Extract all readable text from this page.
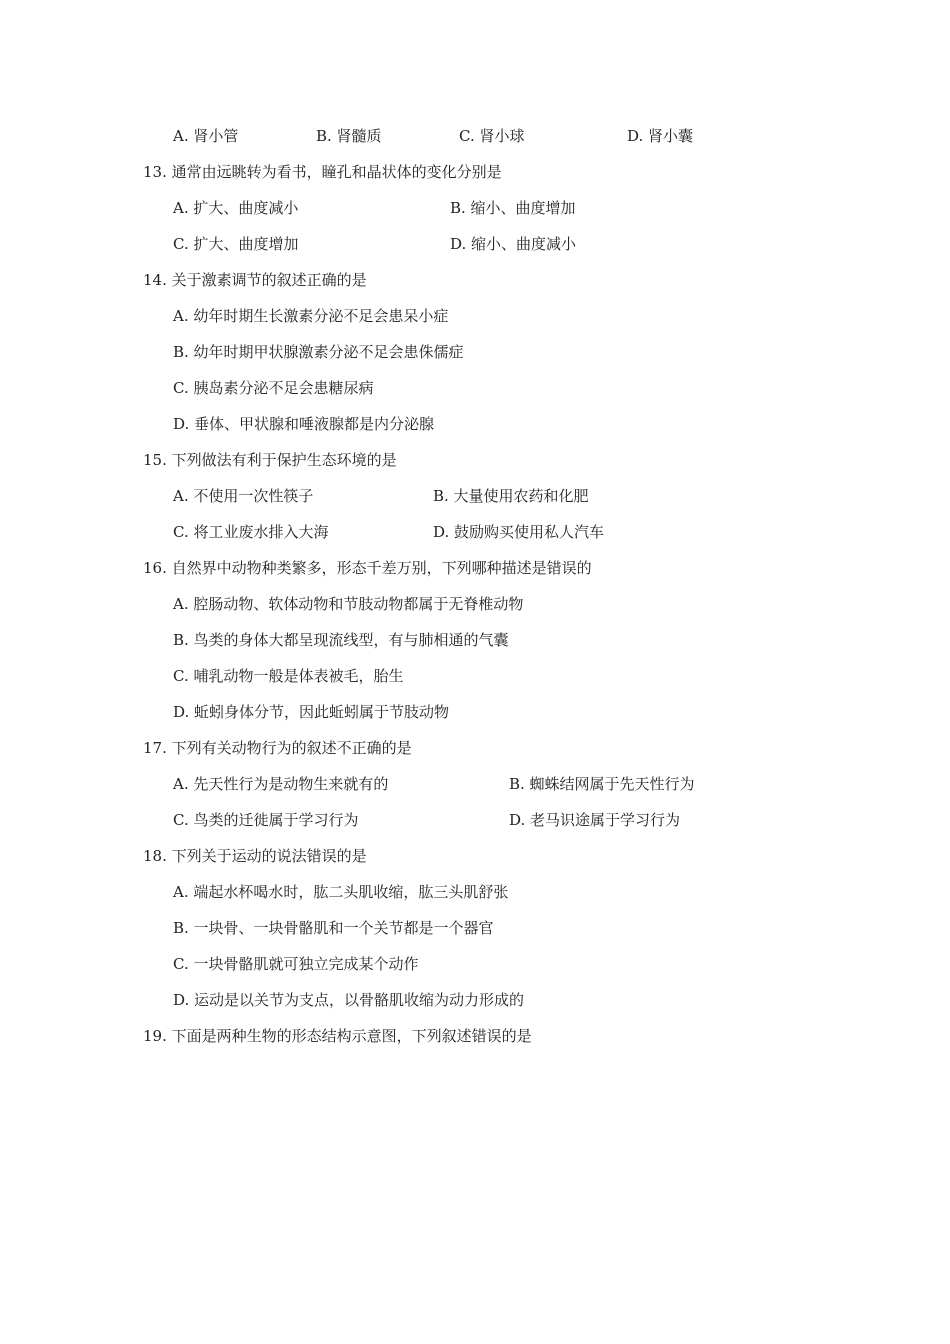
A. 肾小管	B. 肾髓质	C. 肾小球	D. 肾小囊
13. 通常由远眺转为看书，瞳孔和晶状体的变化分别是
A. 扩大、曲度减小	B. 缩小、曲度增加
C. 扩大、曲度增加	D. 缩小、曲度减小
14. 关于激素调节的叙述正确的是
A. 幼年时期生长激素分泌不足会患呆小症
B. 幼年时期甲状腺激素分泌不足会患侏儒症
C. 胰岛素分泌不足会患糖尿病
D. 垂体、甲状腺和唾液腺都是内分泌腺
15. 下列做法有利于保护生态环境的是
A. 不使用一次性筷子	B. 大量使用农药和化肥
C. 将工业废水排入大海	D. 鼓励购买使用私人汽车
16. 自然界中动物种类繁多，形态千差万别，下列哪种描述是错误的
A. 腔肠动物、软体动物和节肢动物都属于无脊椎动物
B. 鸟类的身体大都呈现流线型，有与肺相通的气囊
C. 哺乳动物一般是体表被毛，胎生
D. 蚯蚓身体分节，因此蚯蚓属于节肢动物
17. 下列有关动物行为的叙述不正确的是
A. 先天性行为是动物生来就有的	B. 蜘蛛结网属于先天性行为
C. 鸟类的迁徙属于学习行为	D. 老马识途属于学习行为
18. 下列关于运动的说法错误的是
A. 端起水杯喝水时，肱二头肌收缩，肱三头肌舒张
B. 一块骨、一块骨骼肌和一个关节都是一个器官
C. 一块骨骼肌就可独立完成某个动作
D. 运动是以关节为支点，以骨骼肌收缩为动力形成的
19. 下面是两种生物的形态结构示意图，下列叙述错误的是
